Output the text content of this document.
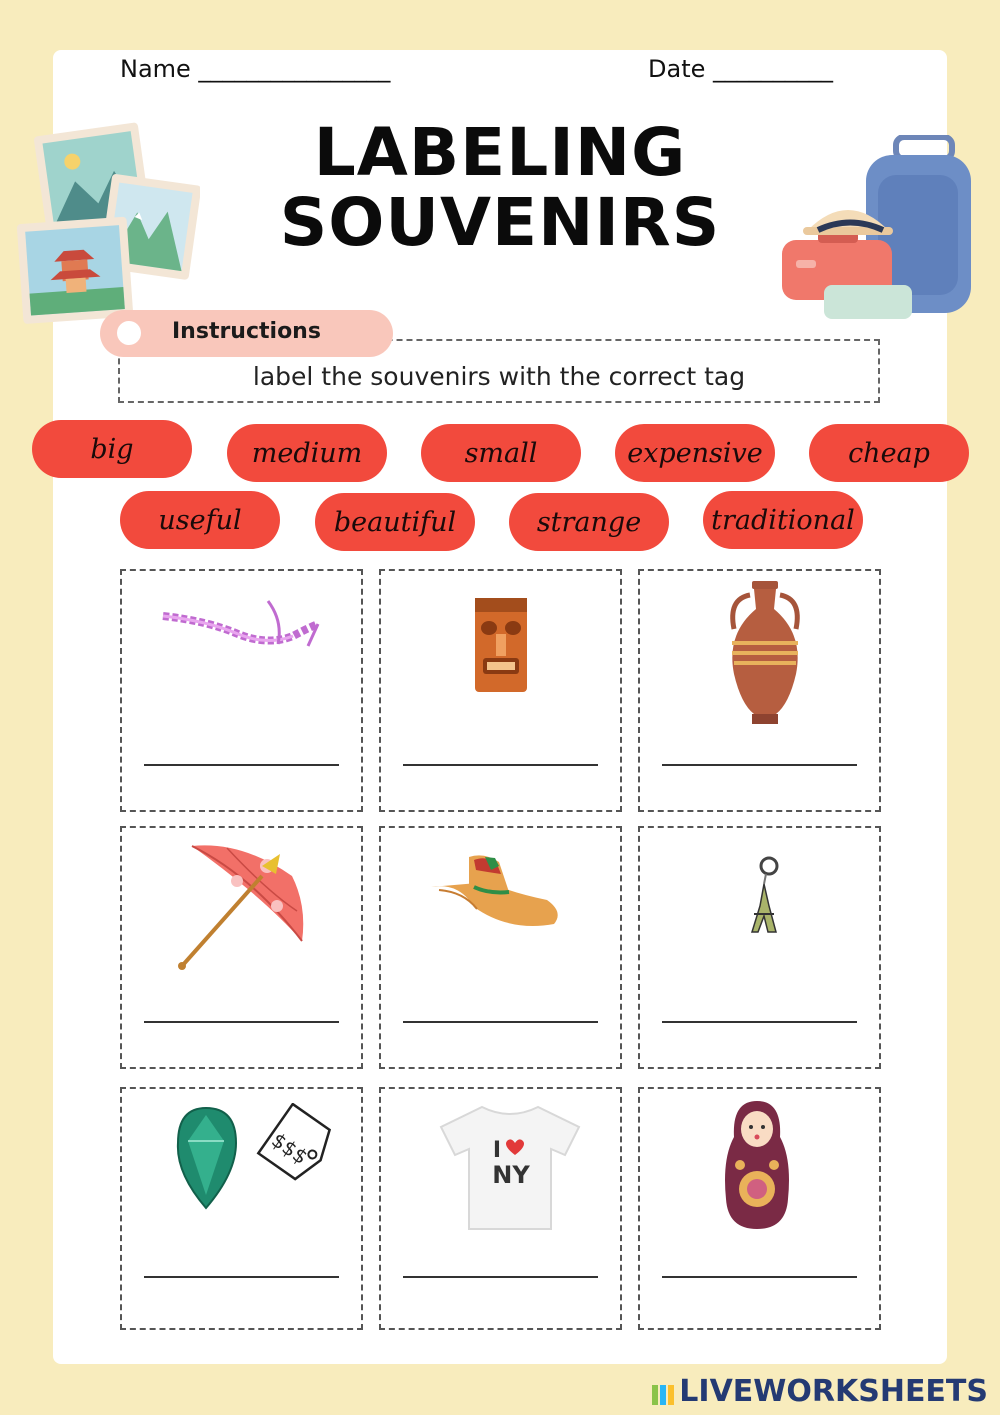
Name ________________	Date __________
LABELING
SOUVENIRS
Instructions
label the souvenirs with the correct tag
big	medium	small	expensive	cheap
useful	beautiful	strange	traditional
$$$	I
NY
LIVEWORKSHEETS
